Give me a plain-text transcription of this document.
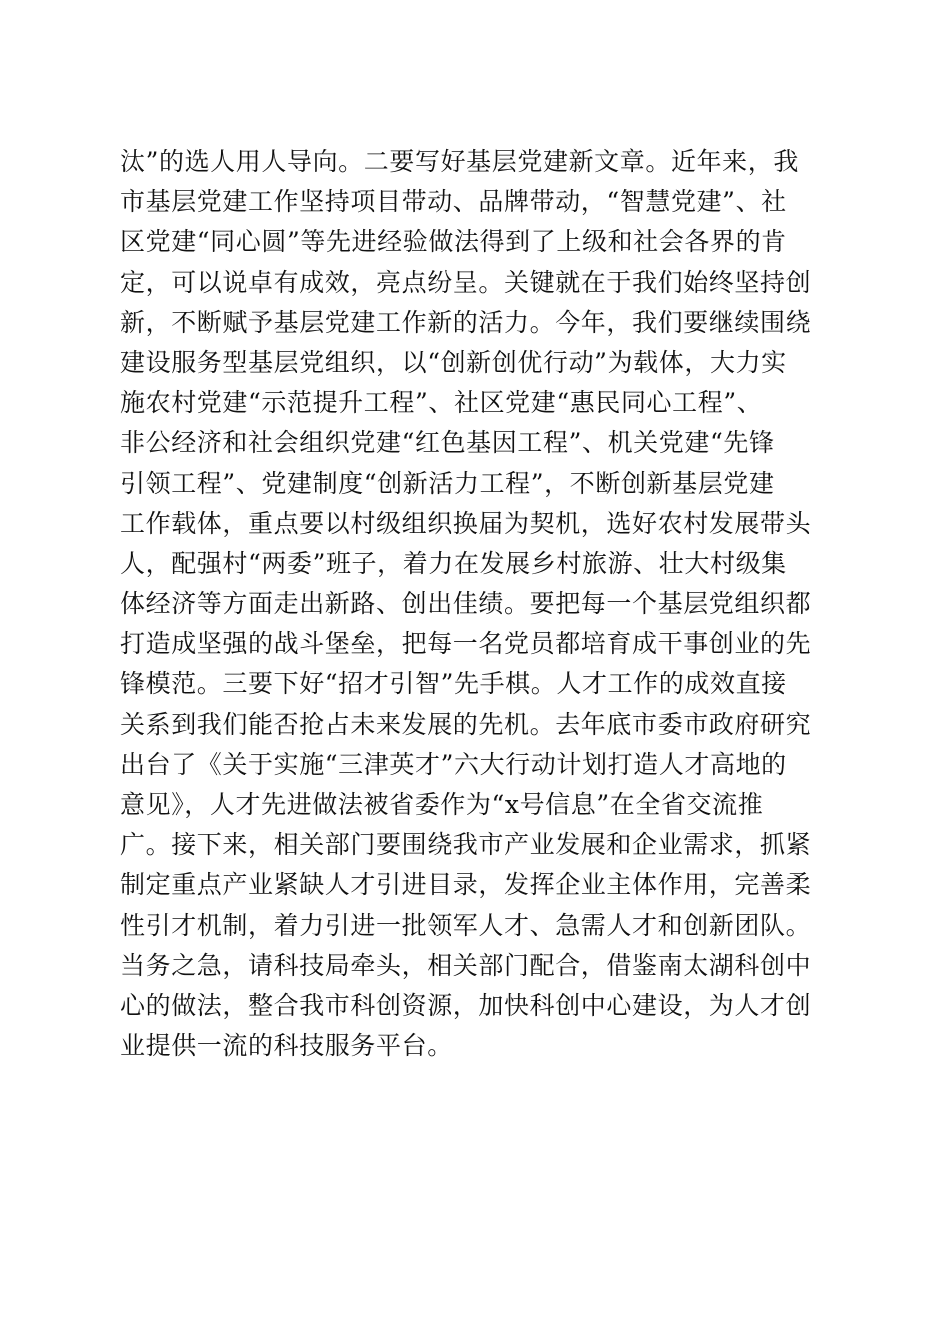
汰”的选人用人导向。二要写好基层党建新文章。近年来，我
市基层党建工作坚持项目带动、品牌带动，“智慧党建”、社
区党建“同心圆”等先进经验做法得到了上级和社会各界的肯
定，可以说卓有成效，亮点纷呈。关键就在于我们始终坚持创
新，不断赋予基层党建工作新的活力。今年，我们要继续围绕
建设服务型基层党组织，以“创新创优行动”为载体，大力实
施农村党建“示范提升工程”、社区党建“惠民同心工程”、
非公经济和社会组织党建“红色基因工程”、机关党建“先锋
引领工程”、党建制度“创新活力工程”，不断创新基层党建
工作载体，重点要以村级组织换届为契机，选好农村发展带头
人，配强村“两委”班子，着力在发展乡村旅游、壮大村级集
体经济等方面走出新路、创出佳绩。要把每一个基层党组织都
打造成坚强的战斗堡垒，把每一名党员都培育成干事创业的先
锋模范。三要下好“招才引智”先手棋。人才工作的成效直接
关系到我们能否抢占未来发展的先机。去年底市委市政府研究
出台了《关于实施“三津英才”六大行动计划打造人才高地的
意见》，人才先进做法被省委作为“x号信息”在全省交流推
广。接下来，相关部门要围绕我市产业发展和企业需求，抓紧
制定重点产业紧缺人才引进目录，发挥企业主体作用，完善柔
性引才机制，着力引进一批领军人才、急需人才和创新团队。
当务之急，请科技局牵头，相关部门配合，借鉴南太湖科创中
心的做法，整合我市科创资源，加快科创中心建设，为人才创
业提供一流的科技服务平台。
